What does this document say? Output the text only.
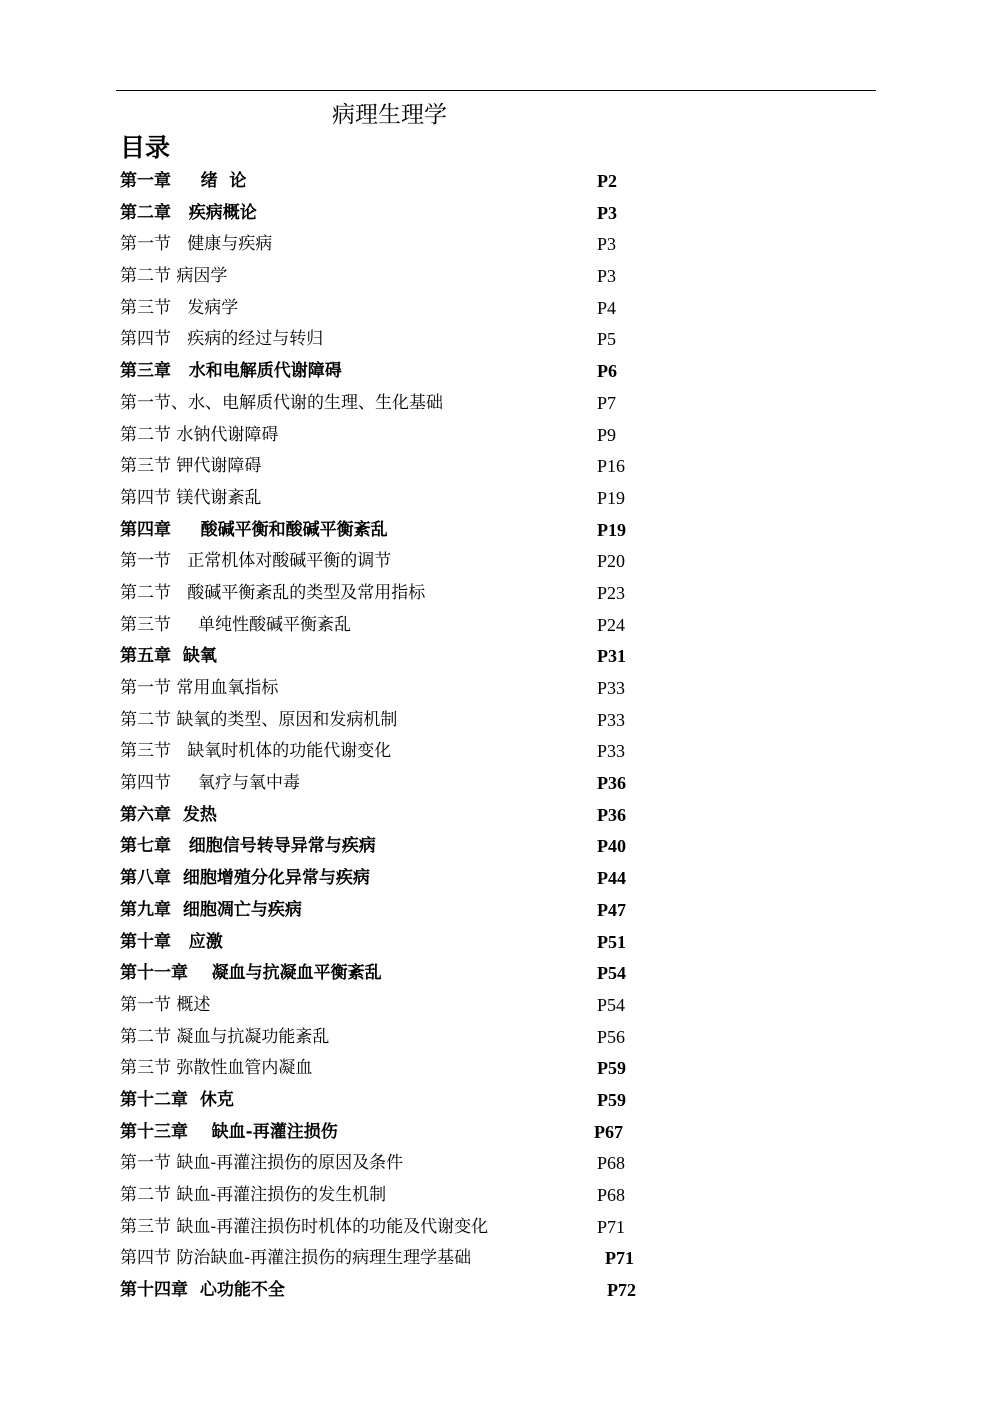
病理生理学
目录
第一章     绪  论	P2
第二章   疾病概论	P3
第一节   健康与疾病	P3
第二节 病因学	P3
第三节   发病学	P4
第四节   疾病的经过与转归	P5
第三章   水和电解质代谢障碍	P6
第一节、水、电解质代谢的生理、生化基础	P7
第二节 水钠代谢障碍	P9
第三节 钾代谢障碍	P16
第四节 镁代谢紊乱	P19
第四章     酸碱平衡和酸碱平衡紊乱	P19
第一节   正常机体对酸碱平衡的调节	P20
第二节   酸碱平衡紊乱的类型及常用指标	P23
第三节     单纯性酸碱平衡紊乱	P24
第五章  缺氧	P31
第一节 常用血氧指标	P33
第二节 缺氧的类型、原因和发病机制	P33
第三节   缺氧时机体的功能代谢变化	P33
第四节     氧疗与氧中毒	P36
第六章  发热	P36
第七章   细胞信号转导异常与疾病	P40
第八章  细胞增殖分化异常与疾病	P44
第九章  细胞凋亡与疾病	P47
第十章   应激	P51
第十一章    凝血与抗凝血平衡紊乱	P54
第一节 概述	P54
第二节 凝血与抗凝功能紊乱	P56
第三节 弥散性血管内凝血	P59
第十二章  休克	P59
第十三章    缺血-再灌注损伤	P67
第一节 缺血-再灌注损伤的原因及条件	P68
第二节 缺血-再灌注损伤的发生机制	P68
第三节 缺血-再灌注损伤时机体的功能及代谢变化	P71
第四节 防治缺血-再灌注损伤的病理生理学基础	P71
第十四章  心功能不全	P72
